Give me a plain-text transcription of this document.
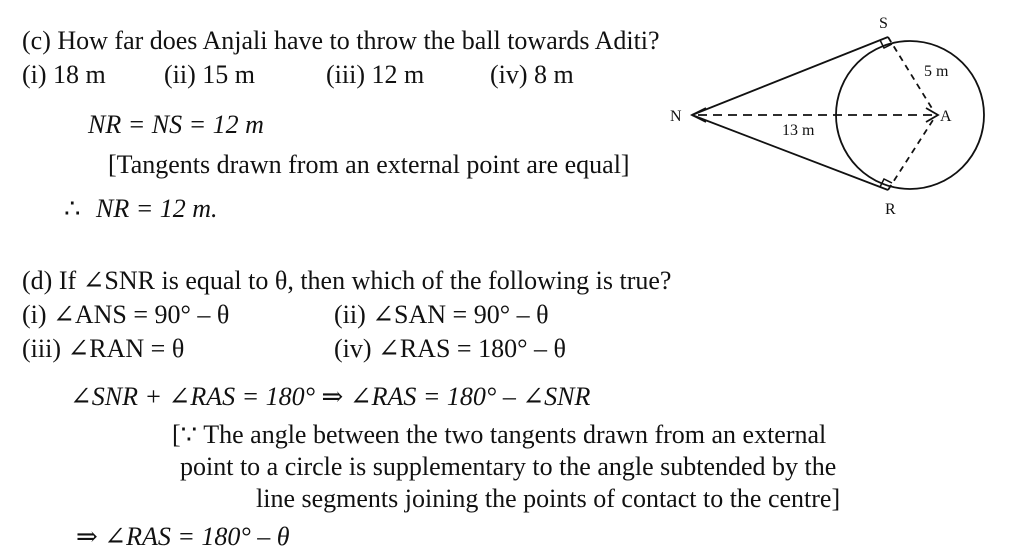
(c) How far does Anjali have to throw the ball towards Aditi?
(i) 18 m (ii) 15 m	(iii) 12 m	(iv) 8 m
NR = NS = 12 m
[Tangents drawn from an external point are equal]
∴ NR = 12 m.
S
N	A
R
5 m
13 m
(d) If ∠SNR is equal to θ, then which of the following is true?
(i) ∠ANS = 90° – θ	(ii) ∠SAN = 90° – θ
(iii) ∠RAN = θ	(iv) ∠RAS = 180° – θ
∠SNR + ∠RAS = 180° ⇒ ∠RAS = 180° – ∠SNR
[∵ The angle between the two tangents drawn from an external
point to a circle is supplementary to the angle subtended by the
line segments joining the points of contact to the centre]
⇒ ∠RAS = 180° – θ
